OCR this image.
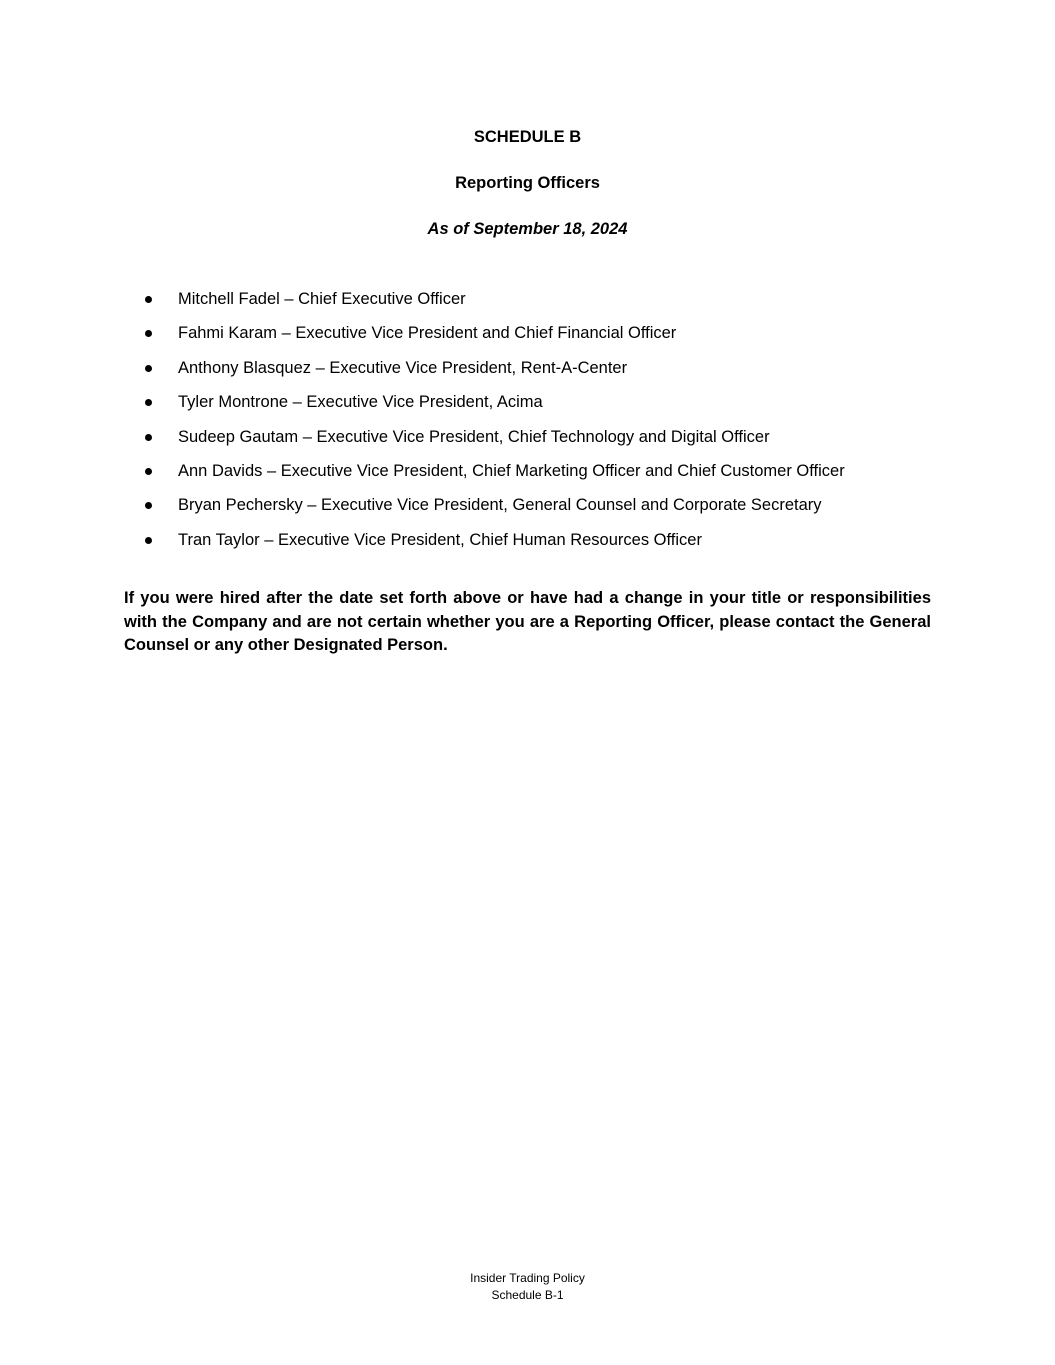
SCHEDULE B
Reporting Officers
As of September 18, 2024
Mitchell Fadel – Chief Executive Officer
Fahmi Karam – Executive Vice President and Chief Financial Officer
Anthony Blasquez – Executive Vice President, Rent-A-Center
Tyler Montrone – Executive Vice President, Acima
Sudeep Gautam – Executive Vice President, Chief Technology and Digital Officer
Ann Davids – Executive Vice President, Chief Marketing Officer and Chief Customer Officer
Bryan Pechersky – Executive Vice President, General Counsel and Corporate Secretary
Tran Taylor – Executive Vice President, Chief Human Resources Officer

If you were hired after the date set forth above or have had a change in your title or responsibilities with the Company and are not certain whether you are a Reporting Officer, please contact the General Counsel or any other Designated Person.

Insider Trading Policy
Schedule B-1
